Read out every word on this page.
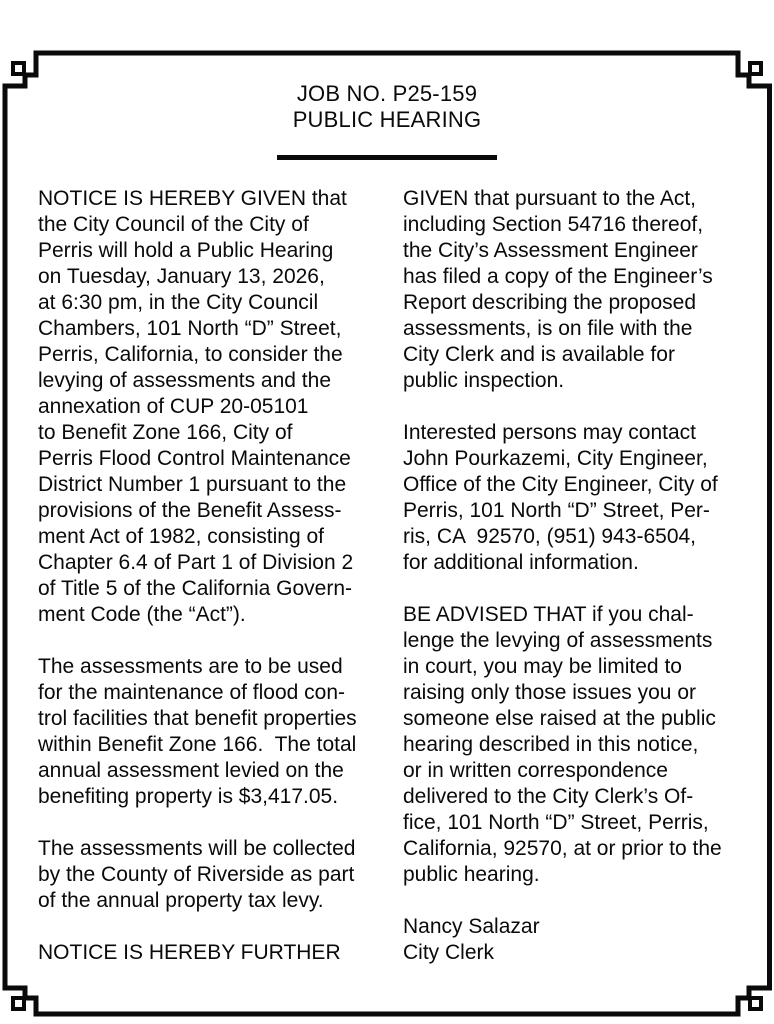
JOB NO. P25-159
PUBLIC HEARING
NOTICE IS HEREBY GIVEN that
the City Council of the City of
Perris will hold a Public Hearing
on Tuesday, January 13, 2026,
at 6:30 pm, in the City Council
Chambers, 101 North “D” Street,
Perris, California, to consider the
levying of assessments and the
annexation of CUP 20-05101
to Benefit Zone 166, City of
Perris Flood Control Maintenance
District Number 1 pursuant to the
provisions of the Benefit Assess-
ment Act of 1982, consisting of
Chapter 6.4 of Part 1 of Division 2
of Title 5 of the California Govern-
ment Code (the “Act”).
The assessments are to be used
for the maintenance of flood con-
trol facilities that benefit properties
within Benefit Zone 166.  The total
annual assessment levied on the
benefiting property is $3,417.05.
The assessments will be collected
by the County of Riverside as part
of the annual property tax levy.
NOTICE IS HEREBY FURTHER
GIVEN that pursuant to the Act,
including Section 54716 thereof,
the City’s Assessment Engineer
has filed a copy of the Engineer’s
Report describing the proposed
assessments, is on file with the
City Clerk and is available for
public inspection.
Interested persons may contact
John Pourkazemi, City Engineer,
Office of the City Engineer, City of
Perris, 101 North “D” Street, Per-
ris, CA  92570, (951) 943-6504,
for additional information.
BE ADVISED THAT if you chal-
lenge the levying of assessments
in court, you may be limited to
raising only those issues you or
someone else raised at the public
hearing described in this notice,
or in written correspondence
delivered to the City Clerk’s Of-
fice, 101 North “D” Street, Perris,
California, 92570, at or prior to the
public hearing.
Nancy Salazar
City Clerk
